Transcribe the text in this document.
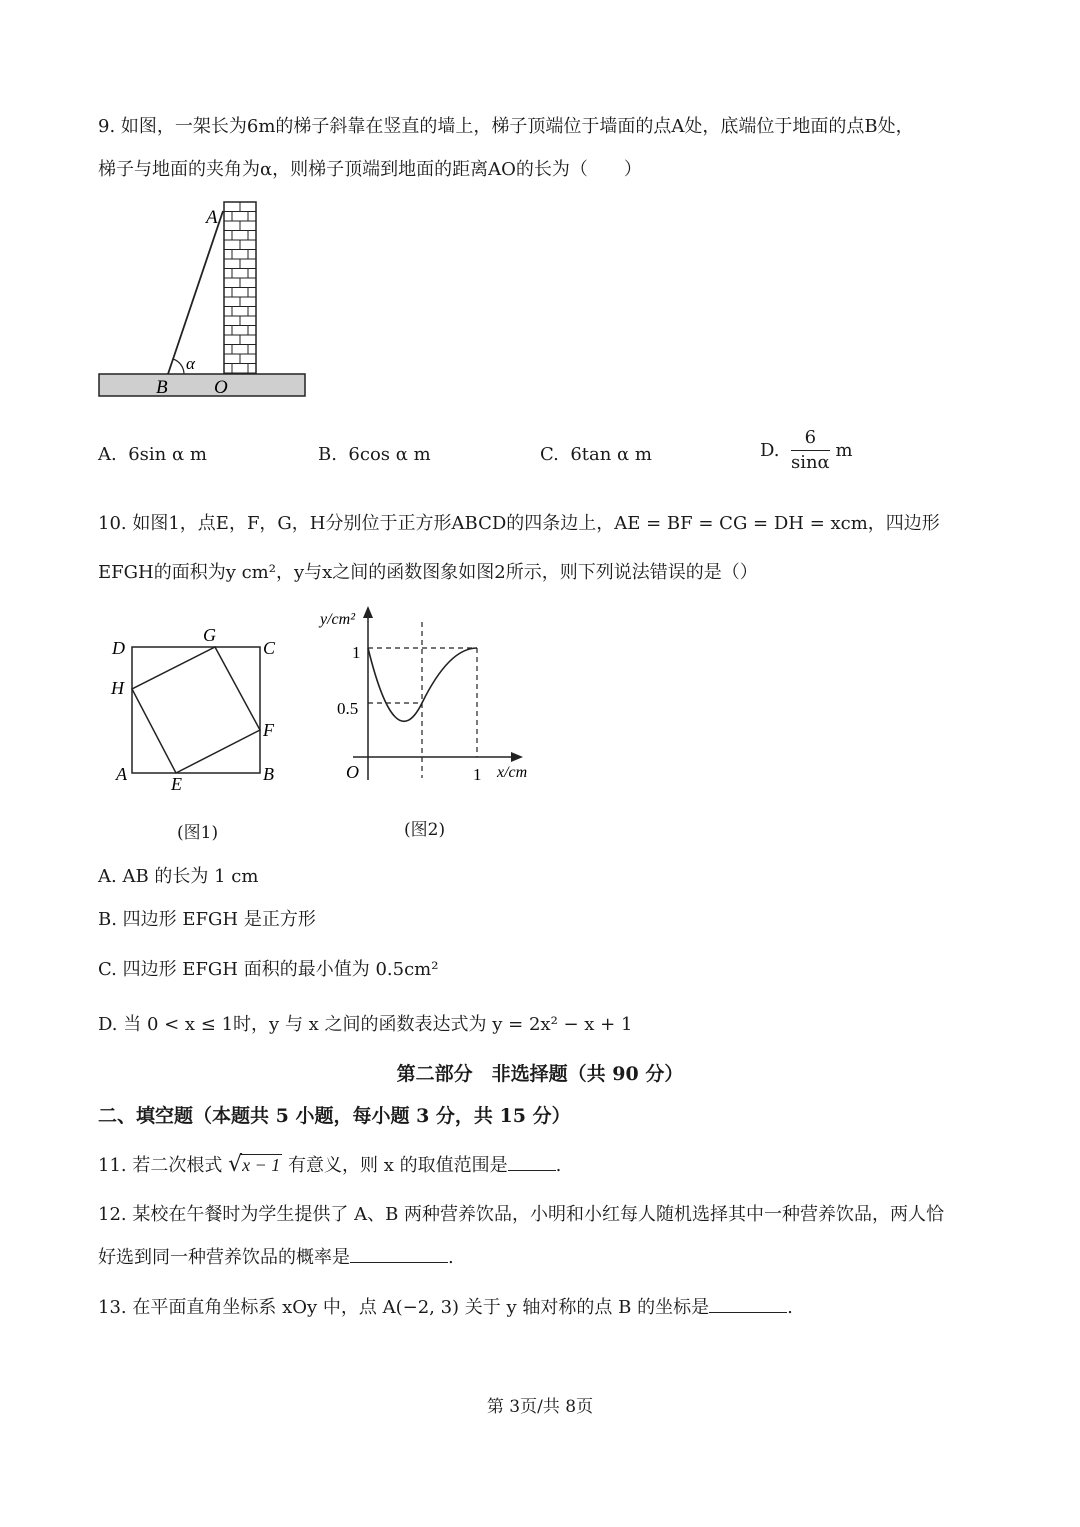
9. 如图，一架长为6m的梯子斜靠在竖直的墙上，梯子顶端位于墙面的点A处，底端位于地面的点B处，
梯子与地面的夹角为α，则梯子顶端到地面的距离AO的长为（　　）
A
α
B O
A. 6sin α m	B. 6cos α m	C. 6tan α m	D. $\frac{6}{\sin\alpha}$ m
10. 如图1，点E，F，G，H分别位于正方形ABCD的四条边上，AE = BF = CG = DH = xcm，四边形
EFGH的面积为y cm²，y与x之间的函数图象如图2所示，则下列说法错误的是（）
D
G
C
H
F
A E	B
(图1)
y/cm²
1
0.5
O	1 x/cm
(图2)
A. AB 的长为 1 cm
B. 四边形 EFGH 是正方形
C. 四边形 EFGH 面积的最小值为 0.5cm²
D. 当 0 < x ≤ 1时，y 与 x 之间的函数表达式为 y = 2x² − x + 1
第二部分　非选择题（共 90 分）
二、填空题（本题共 5 小题，每小题 3 分，共 15 分）
11. 若二次根式 √x − 1 有意义，则 x 的取值范围是	.
12. 某校在午餐时为学生提供了 A、B 两种营养饮品，小明和小红每人随机选择其中一种营养饮品，两人恰
好选到同一种营养饮品的概率是	.
13. 在平面直角坐标系 xOy 中，点 A(−2, 3) 关于 y 轴对称的点 B 的坐标是	.
第 3页/共 8页
